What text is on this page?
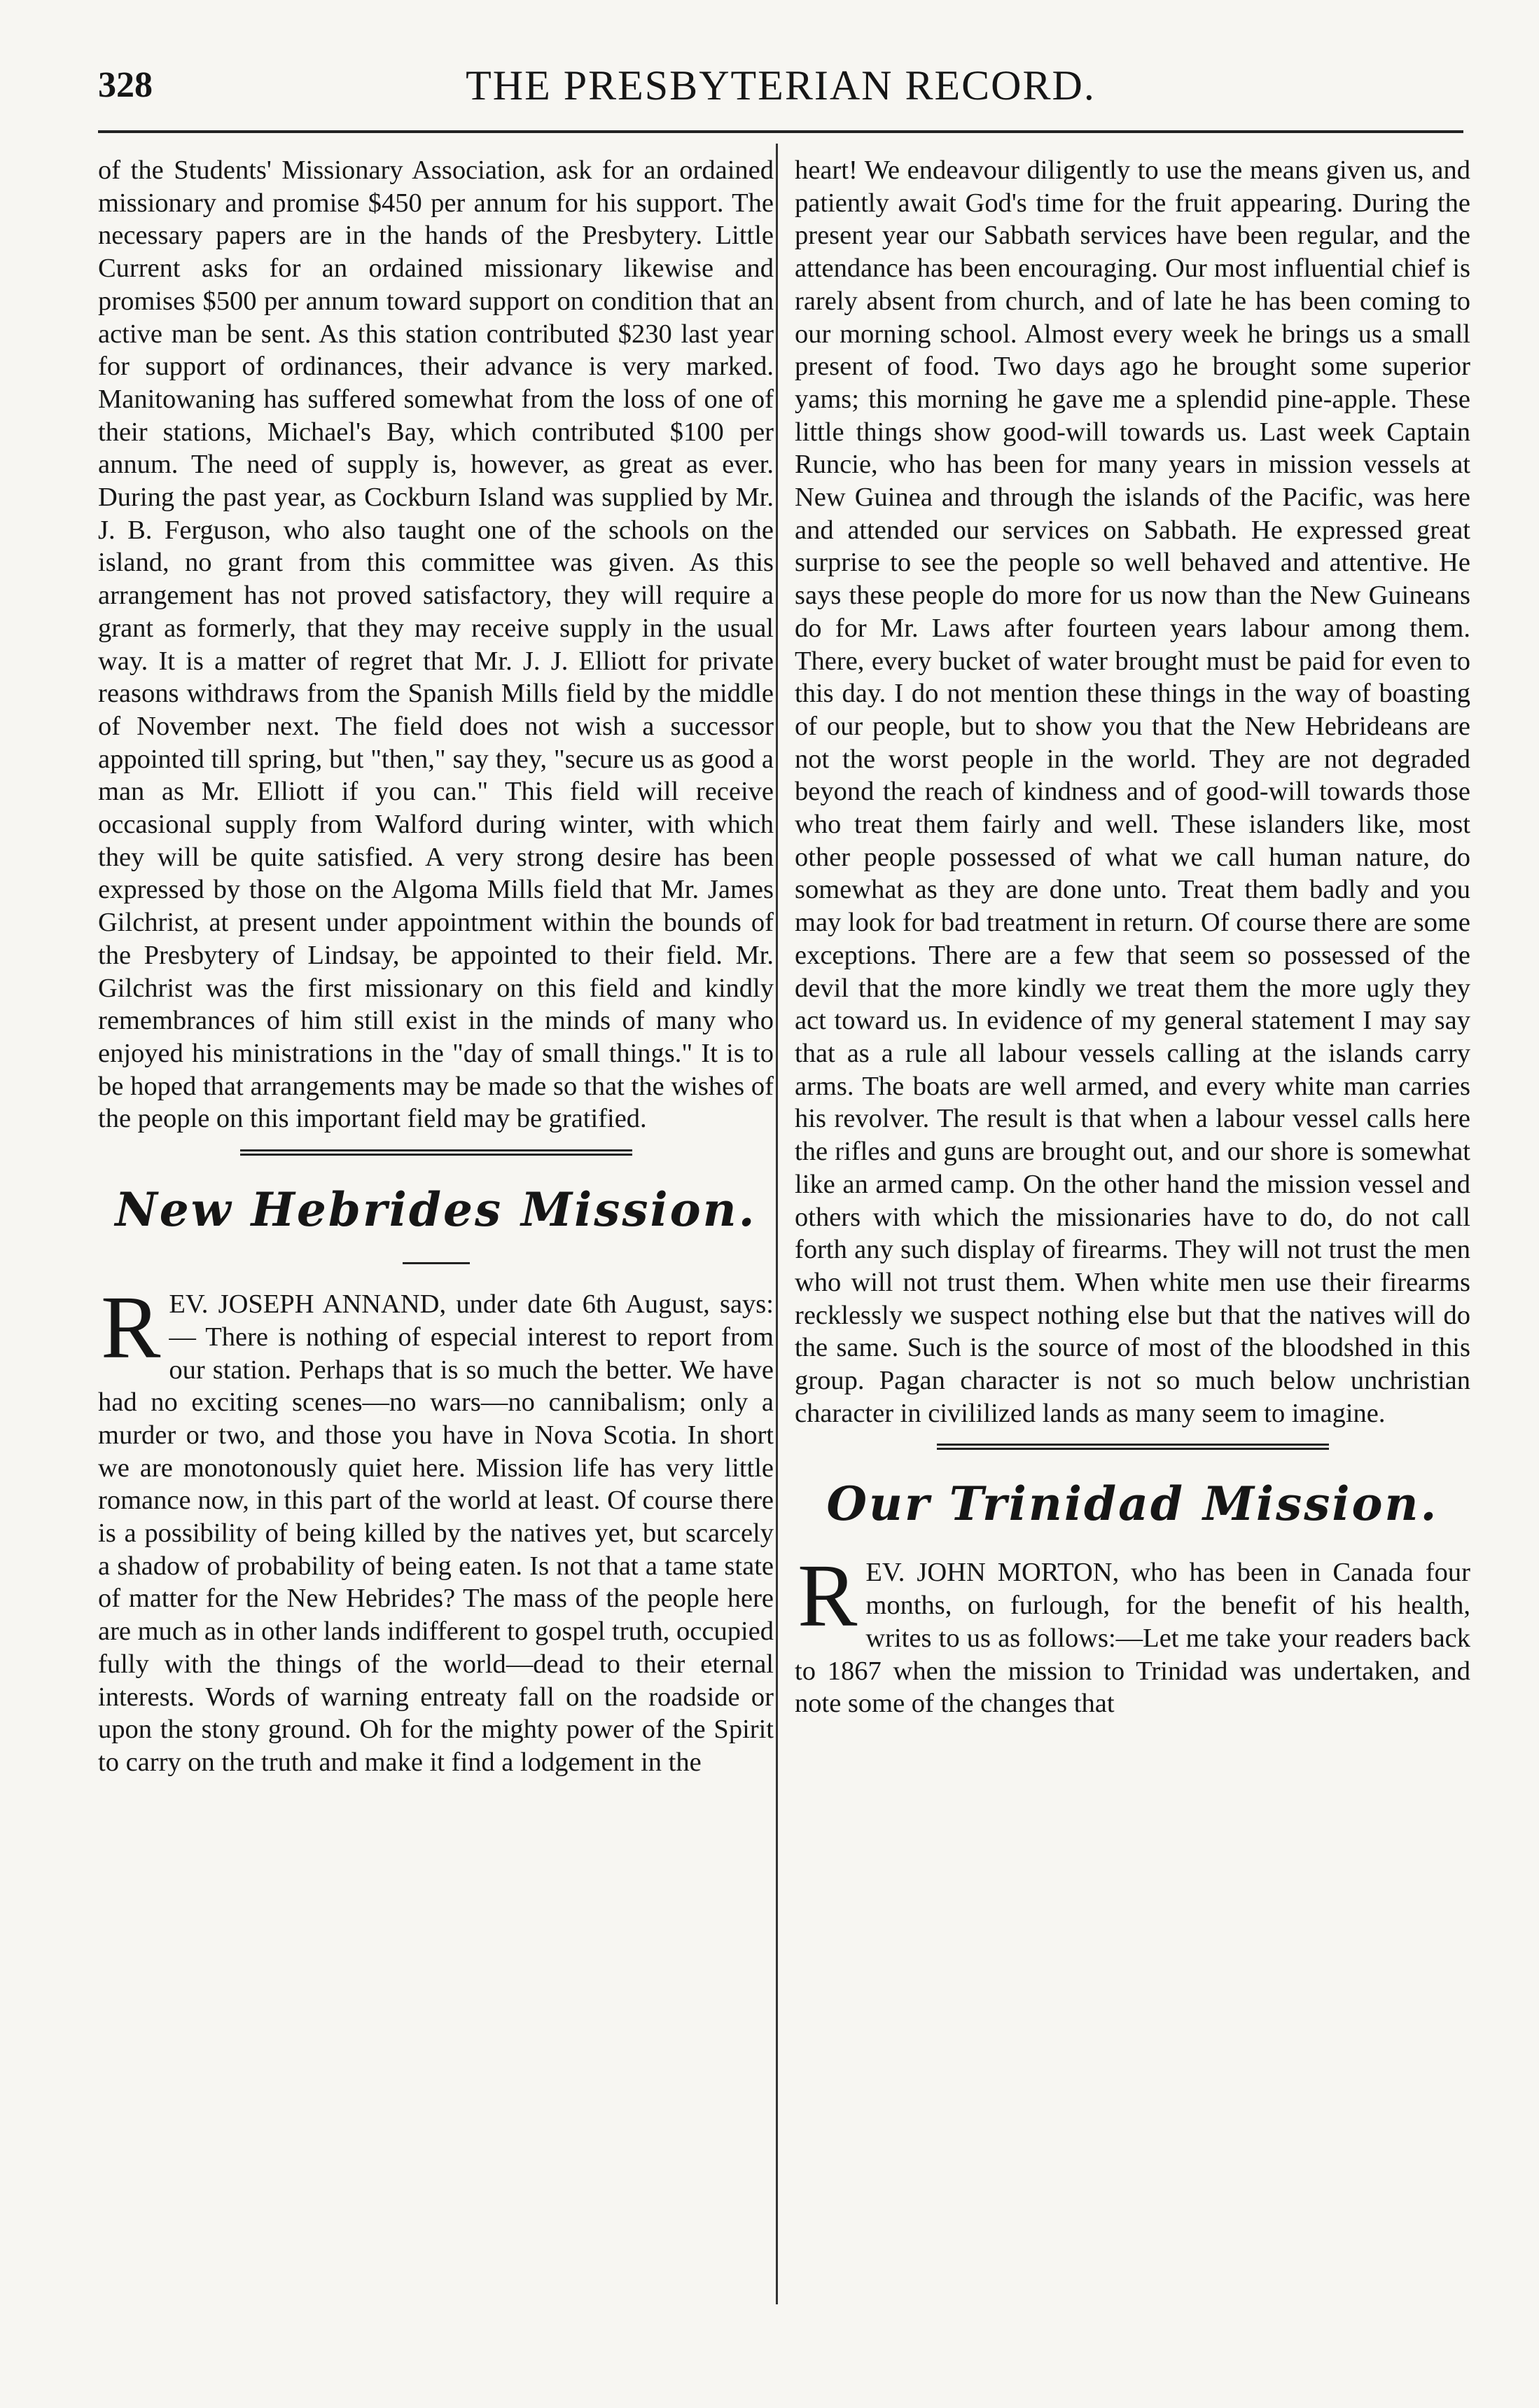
328	THE PRESBYTERIAN RECORD.

of the Students' Missionary Association, ask for an ordained missionary and promise $450 per annum for his support. The necessary papers are in the hands of the Presbytery. Little Current asks for an ordained missionary likewise and promises $500 per annum toward support on condition that an active man be sent. As this station contributed $230 last year for support of ordinances, their advance is very marked. Manitowaning has suffered somewhat from the loss of one of their stations, Michael's Bay, which contributed $100 per annum. The need of supply is, however, as great as ever. During the past year, as Cockburn Island was supplied by Mr. J. B. Ferguson, who also taught one of the schools on the island, no grant from this committee was given. As this arrangement has not proved satisfactory, they will require a grant as formerly, that they may receive supply in the usual way. It is a matter of regret that Mr. J. J. Elliott for private reasons withdraws from the Spanish Mills field by the middle of November next. The field does not wish a successor appointed till spring, but "then," say they, "secure us as good a man as Mr. Elliott if you can." This field will receive occasional supply from Walford during winter, with which they will be quite satisfied. A very strong desire has been expressed by those on the Algoma Mills field that Mr. James Gilchrist, at present under appointment within the bounds of the Presbytery of Lindsay, be appointed to their field. Mr. Gilchrist was the first missionary on this field and kindly remembrances of him still exist in the minds of many who enjoyed his ministrations in the "day of small things." It is to be hoped that arrangements may be made so that the wishes of the people on this important field may be gratified.

New Hebrides Mission.

REV. JOSEPH ANNAND, under date 6th August, says:— There is nothing of especial interest to report from our station. Perhaps that is so much the better. We have had no exciting scenes—no wars—no cannibalism; only a murder or two, and those you have in Nova Scotia. In short we are monotonously quiet here. Mission life has very little romance now, in this part of the world at least. Of course there is a possibility of being killed by the natives yet, but scarcely a shadow of probability of being eaten. Is not that a tame state of matter for the New Hebrides? The mass of the people here are much as in other lands indifferent to gospel truth, occupied fully with the things of the world—dead to their eternal interests. Words of warning entreaty fall on the roadside or upon the stony ground. Oh for the mighty power of the Spirit to carry on the truth and make it find a lodgement in the

heart! We endeavour diligently to use the means given us, and patiently await God's time for the fruit appearing. During the present year our Sabbath services have been regular, and the attendance has been encouraging. Our most influential chief is rarely absent from church, and of late he has been coming to our morning school. Almost every week he brings us a small present of food. Two days ago he brought some superior yams; this morning he gave me a splendid pine-apple. These little things show good-will towards us. Last week Captain Runcie, who has been for many years in mission vessels at New Guinea and through the islands of the Pacific, was here and attended our services on Sabbath. He expressed great surprise to see the people so well behaved and attentive. He says these people do more for us now than the New Guineans do for Mr. Laws after fourteen years labour among them. There, every bucket of water brought must be paid for even to this day. I do not mention these things in the way of boasting of our people, but to show you that the New Hebrideans are not the worst people in the world. They are not degraded beyond the reach of kindness and of good-will towards those who treat them fairly and well. These islanders like, most other people possessed of what we call human nature, do somewhat as they are done unto. Treat them badly and you may look for bad treatment in return. Of course there are some exceptions. There are a few that seem so possessed of the devil that the more kindly we treat them the more ugly they act toward us. In evidence of my general statement I may say that as a rule all labour vessels calling at the islands carry arms. The boats are well armed, and every white man carries his revolver. The result is that when a labour vessel calls here the rifles and guns are brought out, and our shore is somewhat like an armed camp. On the other hand the mission vessel and others with which the missionaries have to do, do not call forth any such display of firearms. They will not trust the men who will not trust them. When white men use their firearms recklessly we suspect nothing else but that the natives will do the same. Such is the source of most of the bloodshed in this group. Pagan character is not so much below unchristian character in civililized lands as many seem to imagine.

Our Trinidad Mission.

REV. JOHN MORTON, who has been in Canada four months, on furlough, for the benefit of his health, writes to us as follows:—Let me take your readers back to 1867 when the mission to Trinidad was undertaken, and note some of the changes that
